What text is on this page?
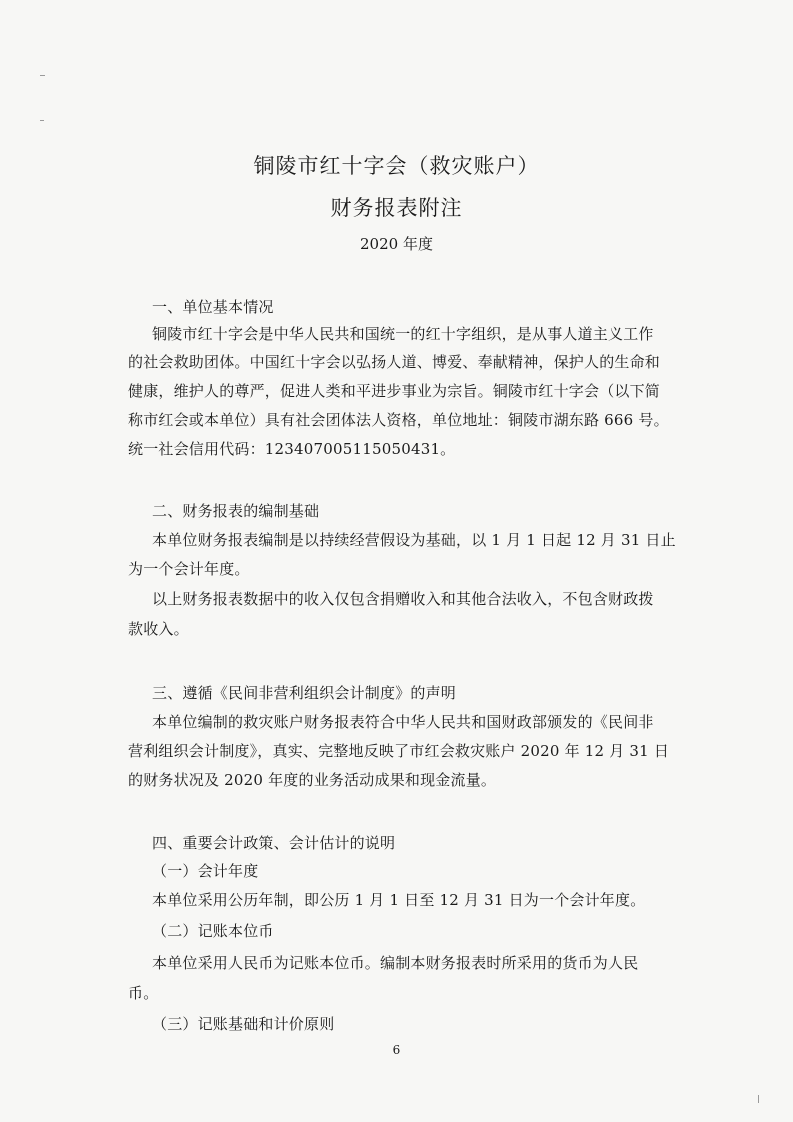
铜陵市红十字会（救灾账户）
财务报表附注
2020 年度
一、单位基本情况
铜陵市红十字会是中华人民共和国统一的红十字组织，是从事人道主义工作
的社会救助团体。中国红十字会以弘扬人道、博爱、奉献精神，保护人的生命和
健康，维护人的尊严，促进人类和平进步事业为宗旨。铜陵市红十字会（以下简
称市红会或本单位）具有社会团体法人资格，单位地址：铜陵市湖东路 666 号。
统一社会信用代码：123407005115050431。
二、财务报表的编制基础
本单位财务报表编制是以持续经营假设为基础，以 1 月 1 日起 12 月 31 日止
为一个会计年度。
以上财务报表数据中的收入仅包含捐赠收入和其他合法收入，不包含财政拨
款收入。
三、遵循《民间非营利组织会计制度》的声明
本单位编制的救灾账户财务报表符合中华人民共和国财政部颁发的《民间非
营利组织会计制度》，真实、完整地反映了市红会救灾账户 2020 年 12 月 31 日
的财务状况及 2020 年度的业务活动成果和现金流量。
四、重要会计政策、会计估计的说明
（一）会计年度
本单位采用公历年制，即公历 1 月 1 日至 12 月 31 日为一个会计年度。
（二）记账本位币
本单位采用人民币为记账本位币。编制本财务报表时所采用的货币为人民
币。
（三）记账基础和计价原则
6
